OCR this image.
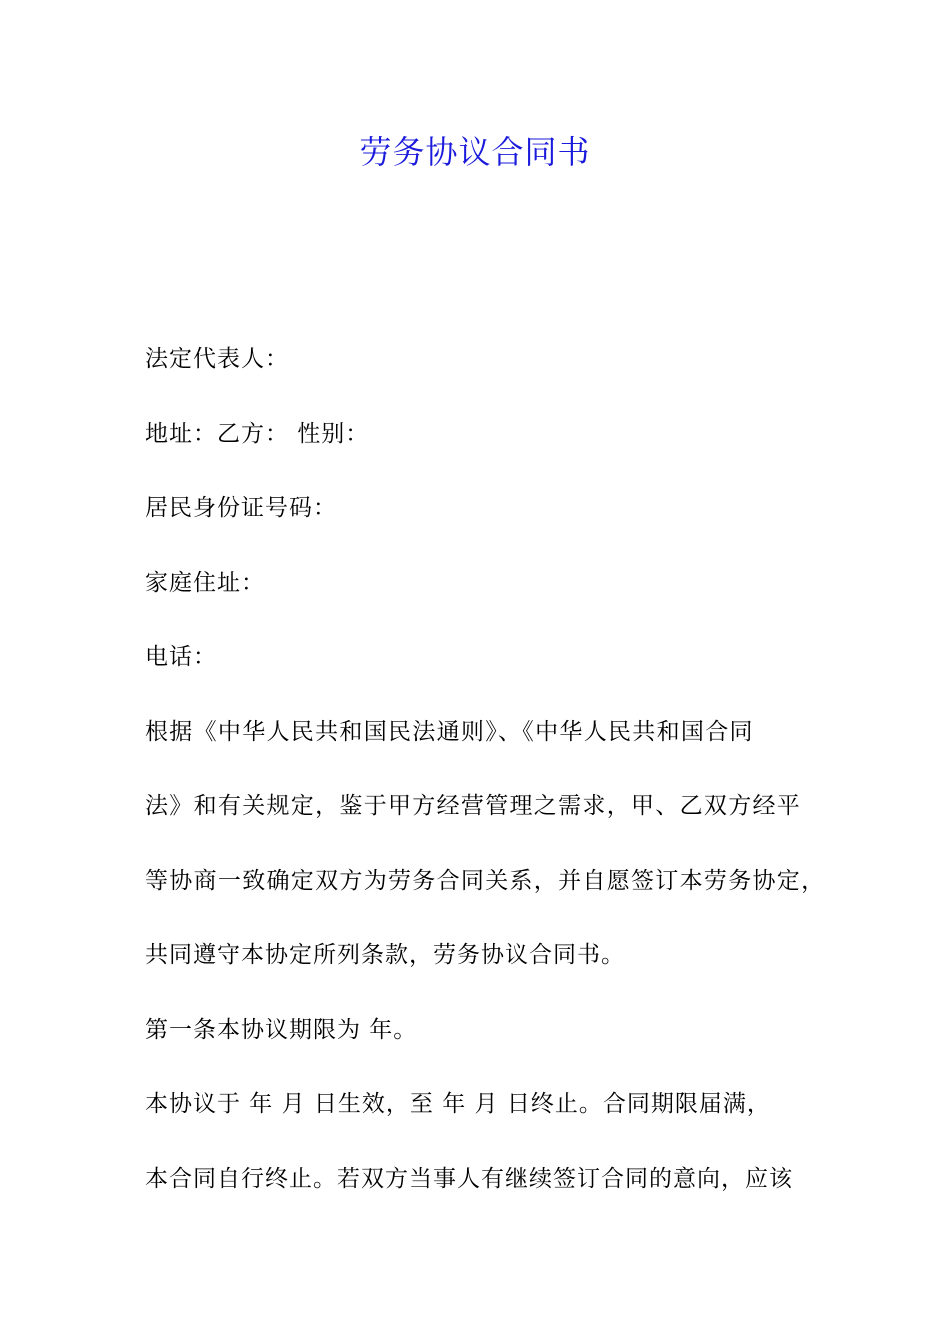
劳务协议合同书
法定代表人：
地址：乙方： 性别：
居民身份证号码：
家庭住址：
电话：
根据《中华人民共和国民法通则》、《中华人民共和国合同
法》和有关规定，鉴于甲方经营管理之需求，甲、乙双方经平
等协商一致确定双方为劳务合同关系，并自愿签订本劳务协定，
共同遵守本协定所列条款，劳务协议合同书。
第一条本协议期限为 年。
本协议于 年 月 日生效，至 年 月 日终止。合同期限届满，
本合同自行终止。若双方当事人有继续签订合同的意向，应该
